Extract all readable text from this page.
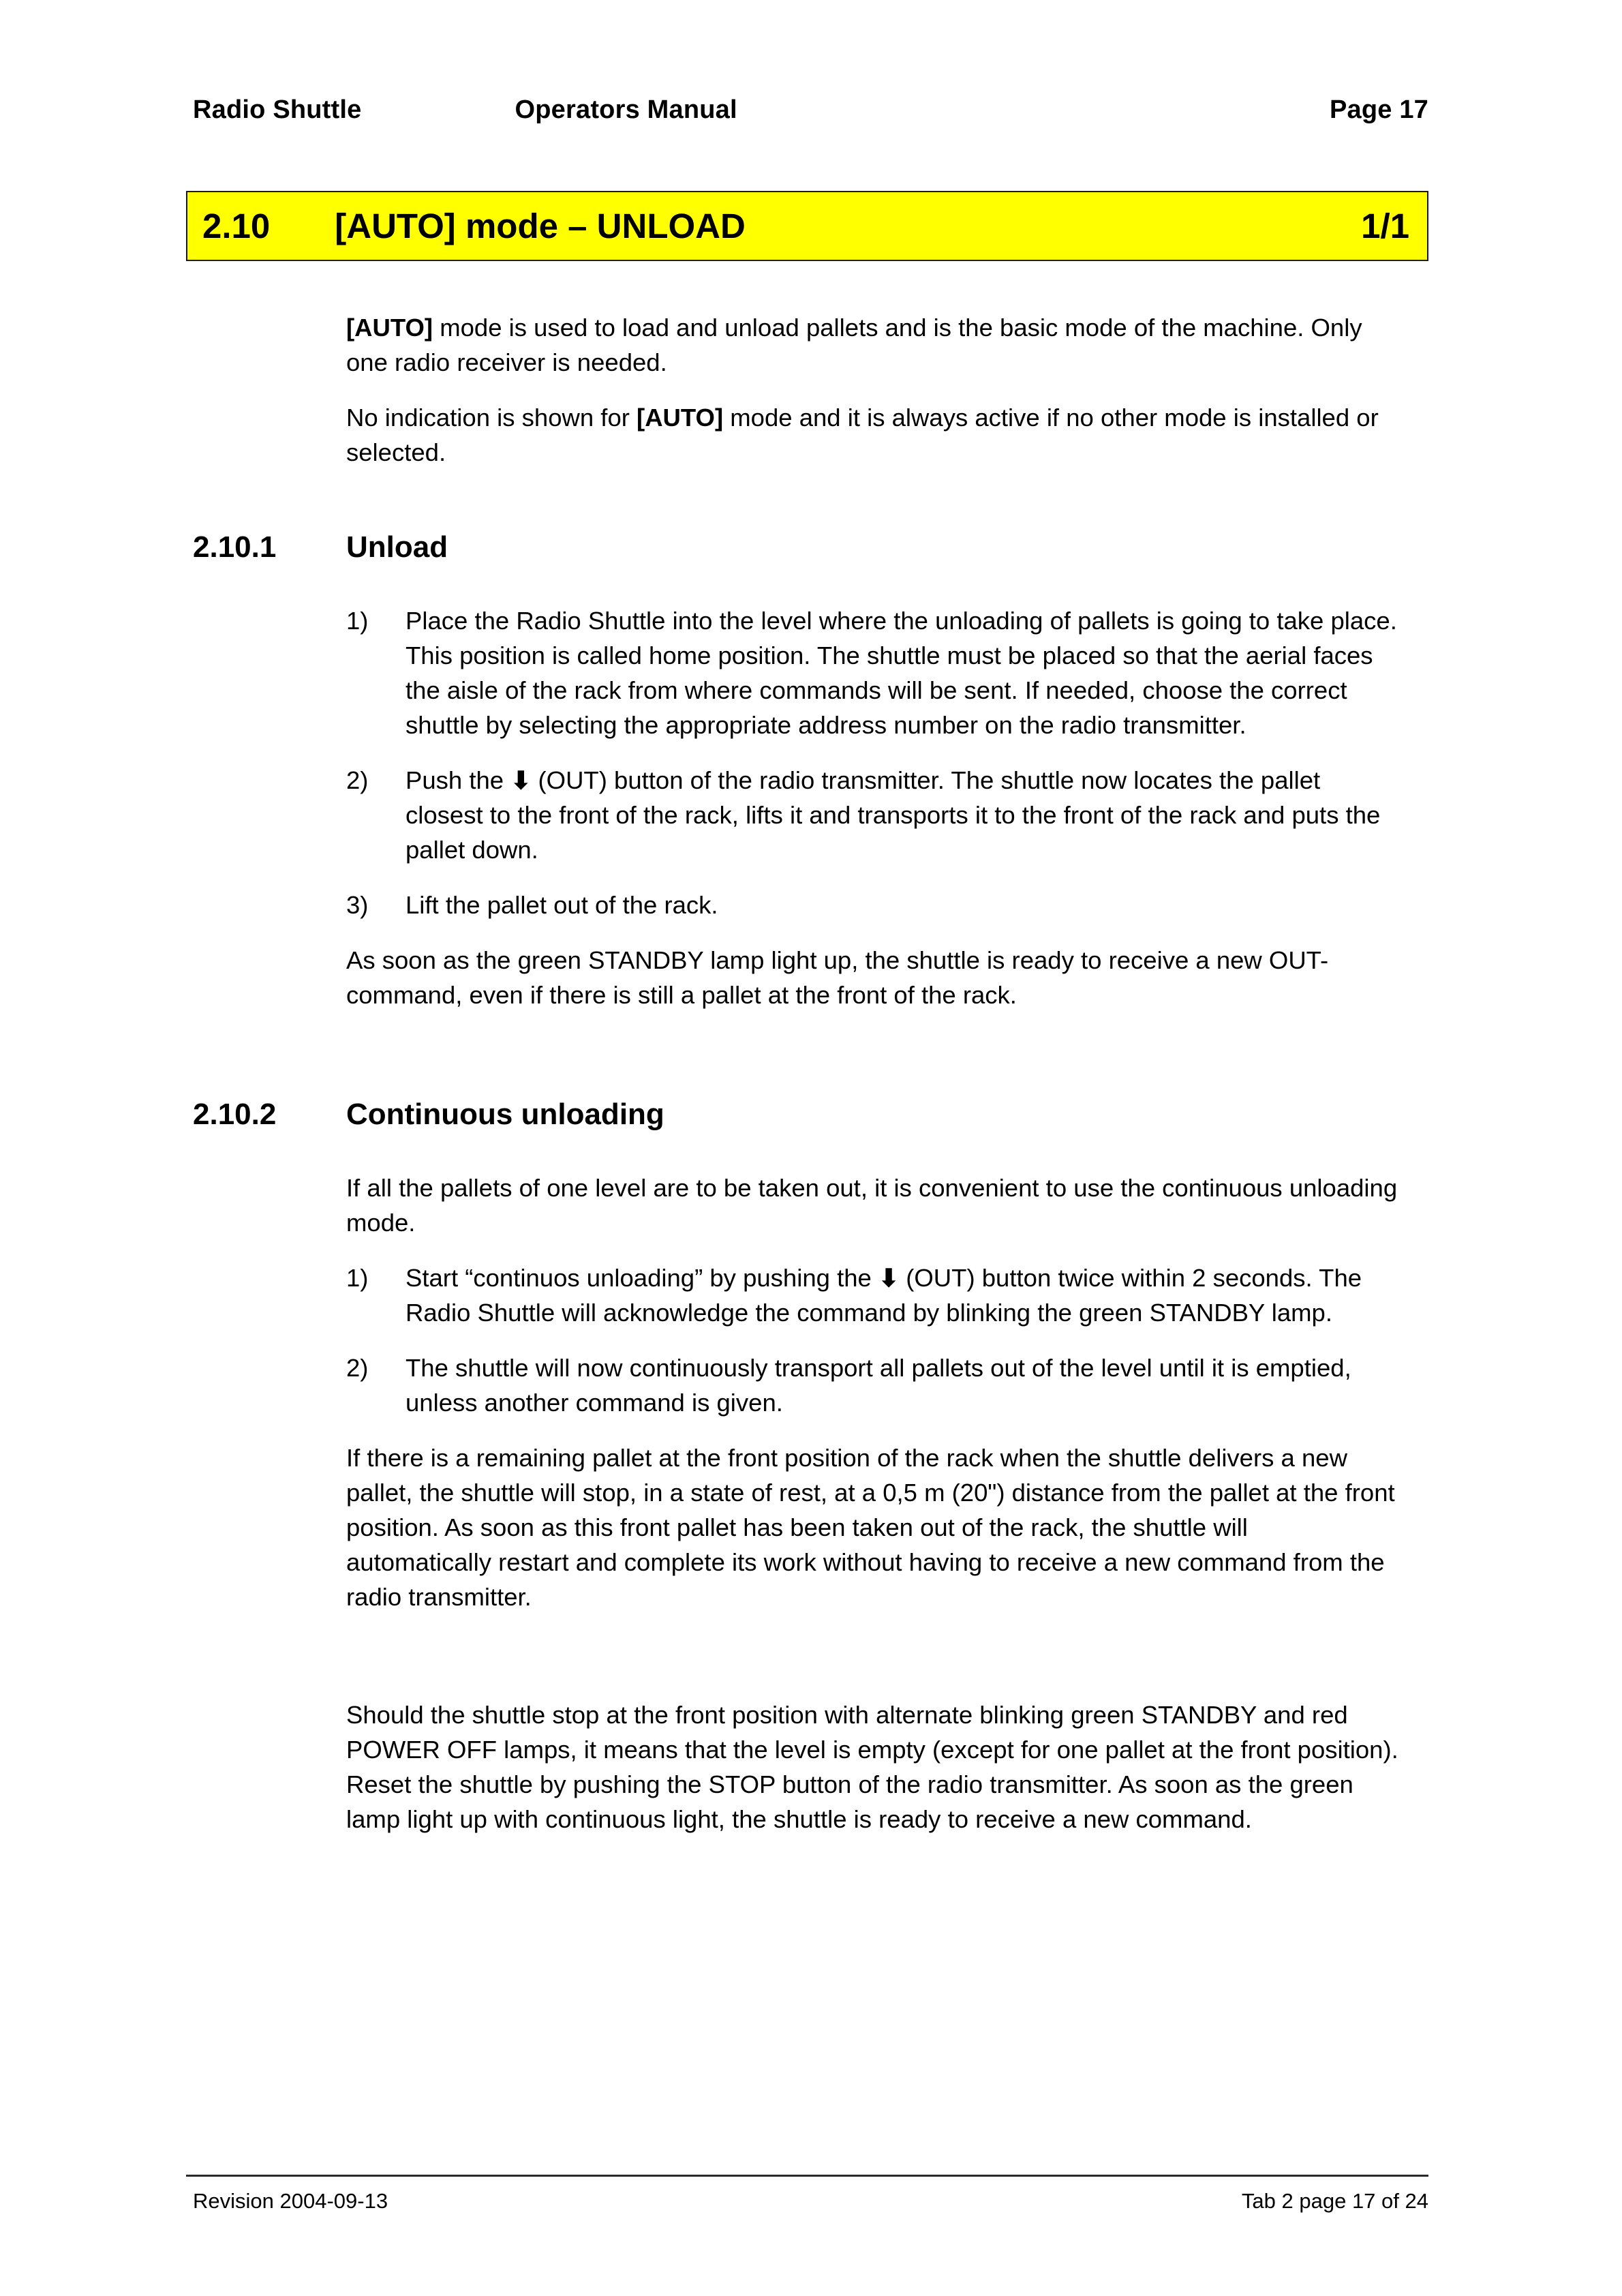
Radio Shuttle	Operators Manual	Page 17
2.10	[AUTO] mode – UNLOAD	1/1

[AUTO] mode is used to load and unload pallets and is the basic mode of the machine. Only one radio receiver is needed.

No indication is shown for [AUTO] mode and it is always active if no other mode is installed or selected.

2.10.1	Unload
1)	Place the Radio Shuttle into the level where the unloading of pallets is going to take place. This position is called home position. The shuttle must be placed so that the aerial faces the aisle of the rack from where commands will be sent. If needed, choose the correct shuttle by selecting the appropriate address number on the radio transmitter.
2)	Push the ⬇ (OUT) button of the radio transmitter. The shuttle now locates the pallet closest to the front of the rack, lifts it and transports it to the front of the rack and puts the pallet down.
3)	Lift the pallet out of the rack.

As soon as the green STANDBY lamp light up, the shuttle is ready to receive a new OUT-command, even if there is still a pallet at the front of the rack.

2.10.2	Continuous unloading

If all the pallets of one level are to be taken out, it is convenient to use the continuous unloading mode.

1)	Start “continuos unloading” by pushing the ⬇ (OUT) button twice within 2 seconds. The Radio Shuttle will acknowledge the command by blinking the green STANDBY lamp.
2)	The shuttle will now continuously transport all pallets out of the level until it is emptied, unless another command is given.

If there is a remaining pallet at the front position of the rack when the shuttle delivers a new pallet, the shuttle will stop, in a state of rest, at a 0,5 m (20") distance from the pallet at the front position. As soon as this front pallet has been taken out of the rack, the shuttle will automatically restart and complete its work without having to receive a new command from the radio transmitter.

Should the shuttle stop at the front position with alternate blinking green STANDBY and red POWER OFF lamps, it means that the level is empty (except for one pallet at the front position). Reset the shuttle by pushing the STOP button of the radio transmitter. As soon as the green lamp light up with continuous light, the shuttle is ready to receive a new command.

Revision 2004-09-13	Tab 2 page 17 of 24
